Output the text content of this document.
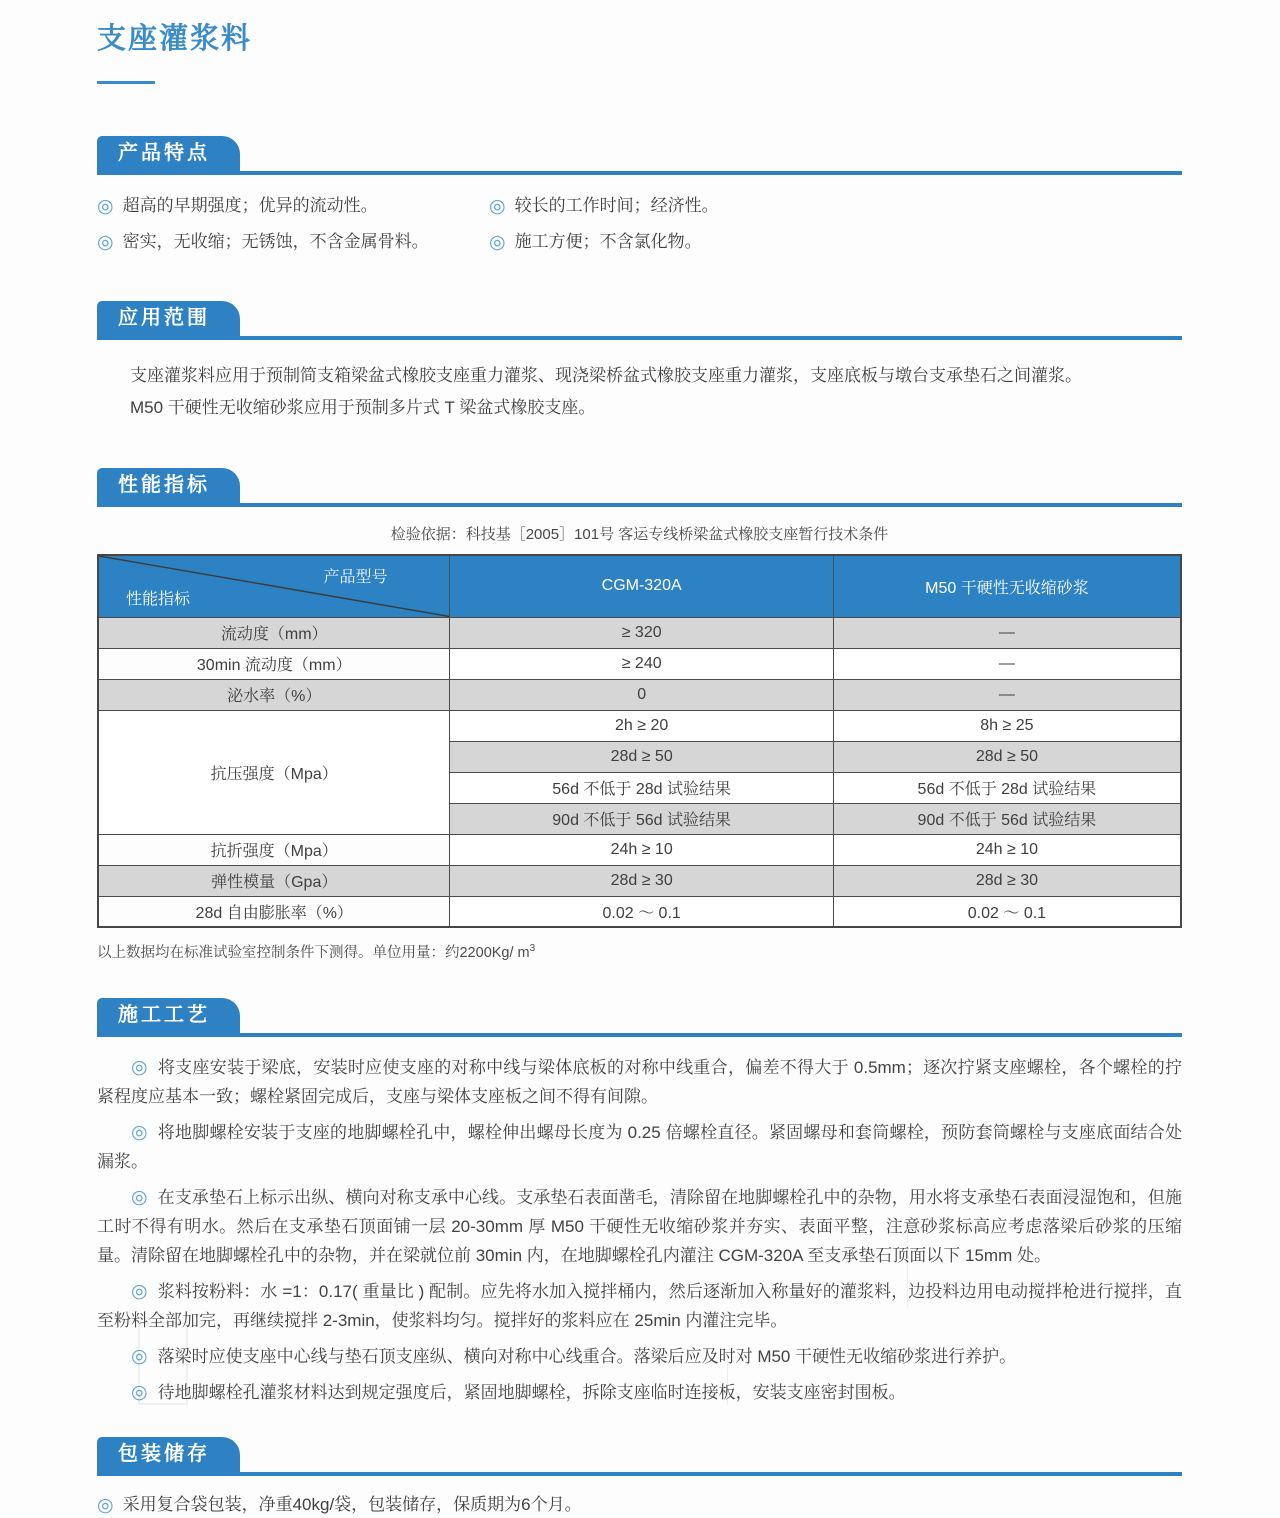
支座灌浆料
产品特点
◎ 超高的早期强度；优异的流动性。	◎ 较长的工作时间；经济性。
◎ 密实，无收缩；无锈蚀，不含金属骨料。	◎ 施工方便；不含氯化物。
应用范围
支座灌浆料应用于预制简支箱梁盆式橡胶支座重力灌浆、现浇梁桥盆式橡胶支座重力灌浆，支座底板与墩台支承垫石之间灌浆。
M50 干硬性无收缩砂浆应用于预制多片式 T 梁盆式橡胶支座。
性能指标
检验依据：科技基［2005］101号 客运专线桥梁盆式橡胶支座暂行技术条件
产品型号
性能指标	CGM-320A	M50 干硬性无收缩砂浆
流动度（mm）	≥ 320	—
30min 流动度（mm）	≥ 240	—
泌水率（%）	0	—
抗压强度（Mpa）	2h ≥ 20	8h ≥ 25
	28d ≥ 50	28d ≥ 50
	56d 不低于 28d 试验结果	56d 不低于 28d 试验结果
	90d 不低于 56d 试验结果	90d 不低于 56d 试验结果
抗折强度（Mpa）	24h ≥ 10	24h ≥ 10
弹性模量（Gpa）	28d ≥ 30	28d ≥ 30
28d 自由膨胀率（%）	0.02 ～ 0.1	0.02 ～ 0.1
以上数据均在标准试验室控制条件下测得。单位用量：约2200Kg/ $m^3$
施工工艺

◎ 将支座安装于梁底，安装时应使支座的对称中线与梁体底板的对称中线重合，偏差不得大于 0.5mm；逐次拧紧支座螺栓，各个螺栓的拧紧程度应基本一致；螺栓紧固完成后，支座与梁体支座板之间不得有间隙。

◎ 将地脚螺栓安装于支座的地脚螺栓孔中，螺栓伸出螺母长度为 0.25 倍螺栓直径。紧固螺母和套筒螺栓，预防套筒螺栓与支座底面结合处漏浆。

◎ 在支承垫石上标示出纵、横向对称支承中心线。支承垫石表面凿毛，清除留在地脚螺栓孔中的杂物，用水将支承垫石表面浸湿饱和，但施工时不得有明水。然后在支承垫石顶面铺一层 20-30mm 厚 M50 干硬性无收缩砂浆并夯实、表面平整，注意砂浆标高应考虑落梁后砂浆的压缩量。清除留在地脚螺栓孔中的杂物，并在梁就位前 30min 内，在地脚螺栓孔内灌注 CGM-320A 至支承垫石顶面以下 15mm 处。

◎ 浆料按粉料：水 =1：0.17( 重量比 ) 配制。应先将水加入搅拌桶内，然后逐渐加入称量好的灌浆料，边投料边用电动搅拌枪进行搅拌，直至粉料全部加完，再继续搅拌 2-3min，使浆料均匀。搅拌好的浆料应在 25min 内灌注完毕。

◎ 落梁时应使支座中心线与垫石顶支座纵、横向对称中心线重合。落梁后应及时对 M50 干硬性无收缩砂浆进行养护。

◎ 待地脚螺栓孔灌浆材料达到规定强度后，紧固地脚螺栓，拆除支座临时连接板，安装支座密封围板。

包装储存
◎ 采用复合袋包装，净重40kg/袋，包装储存，保质期为6个月。
